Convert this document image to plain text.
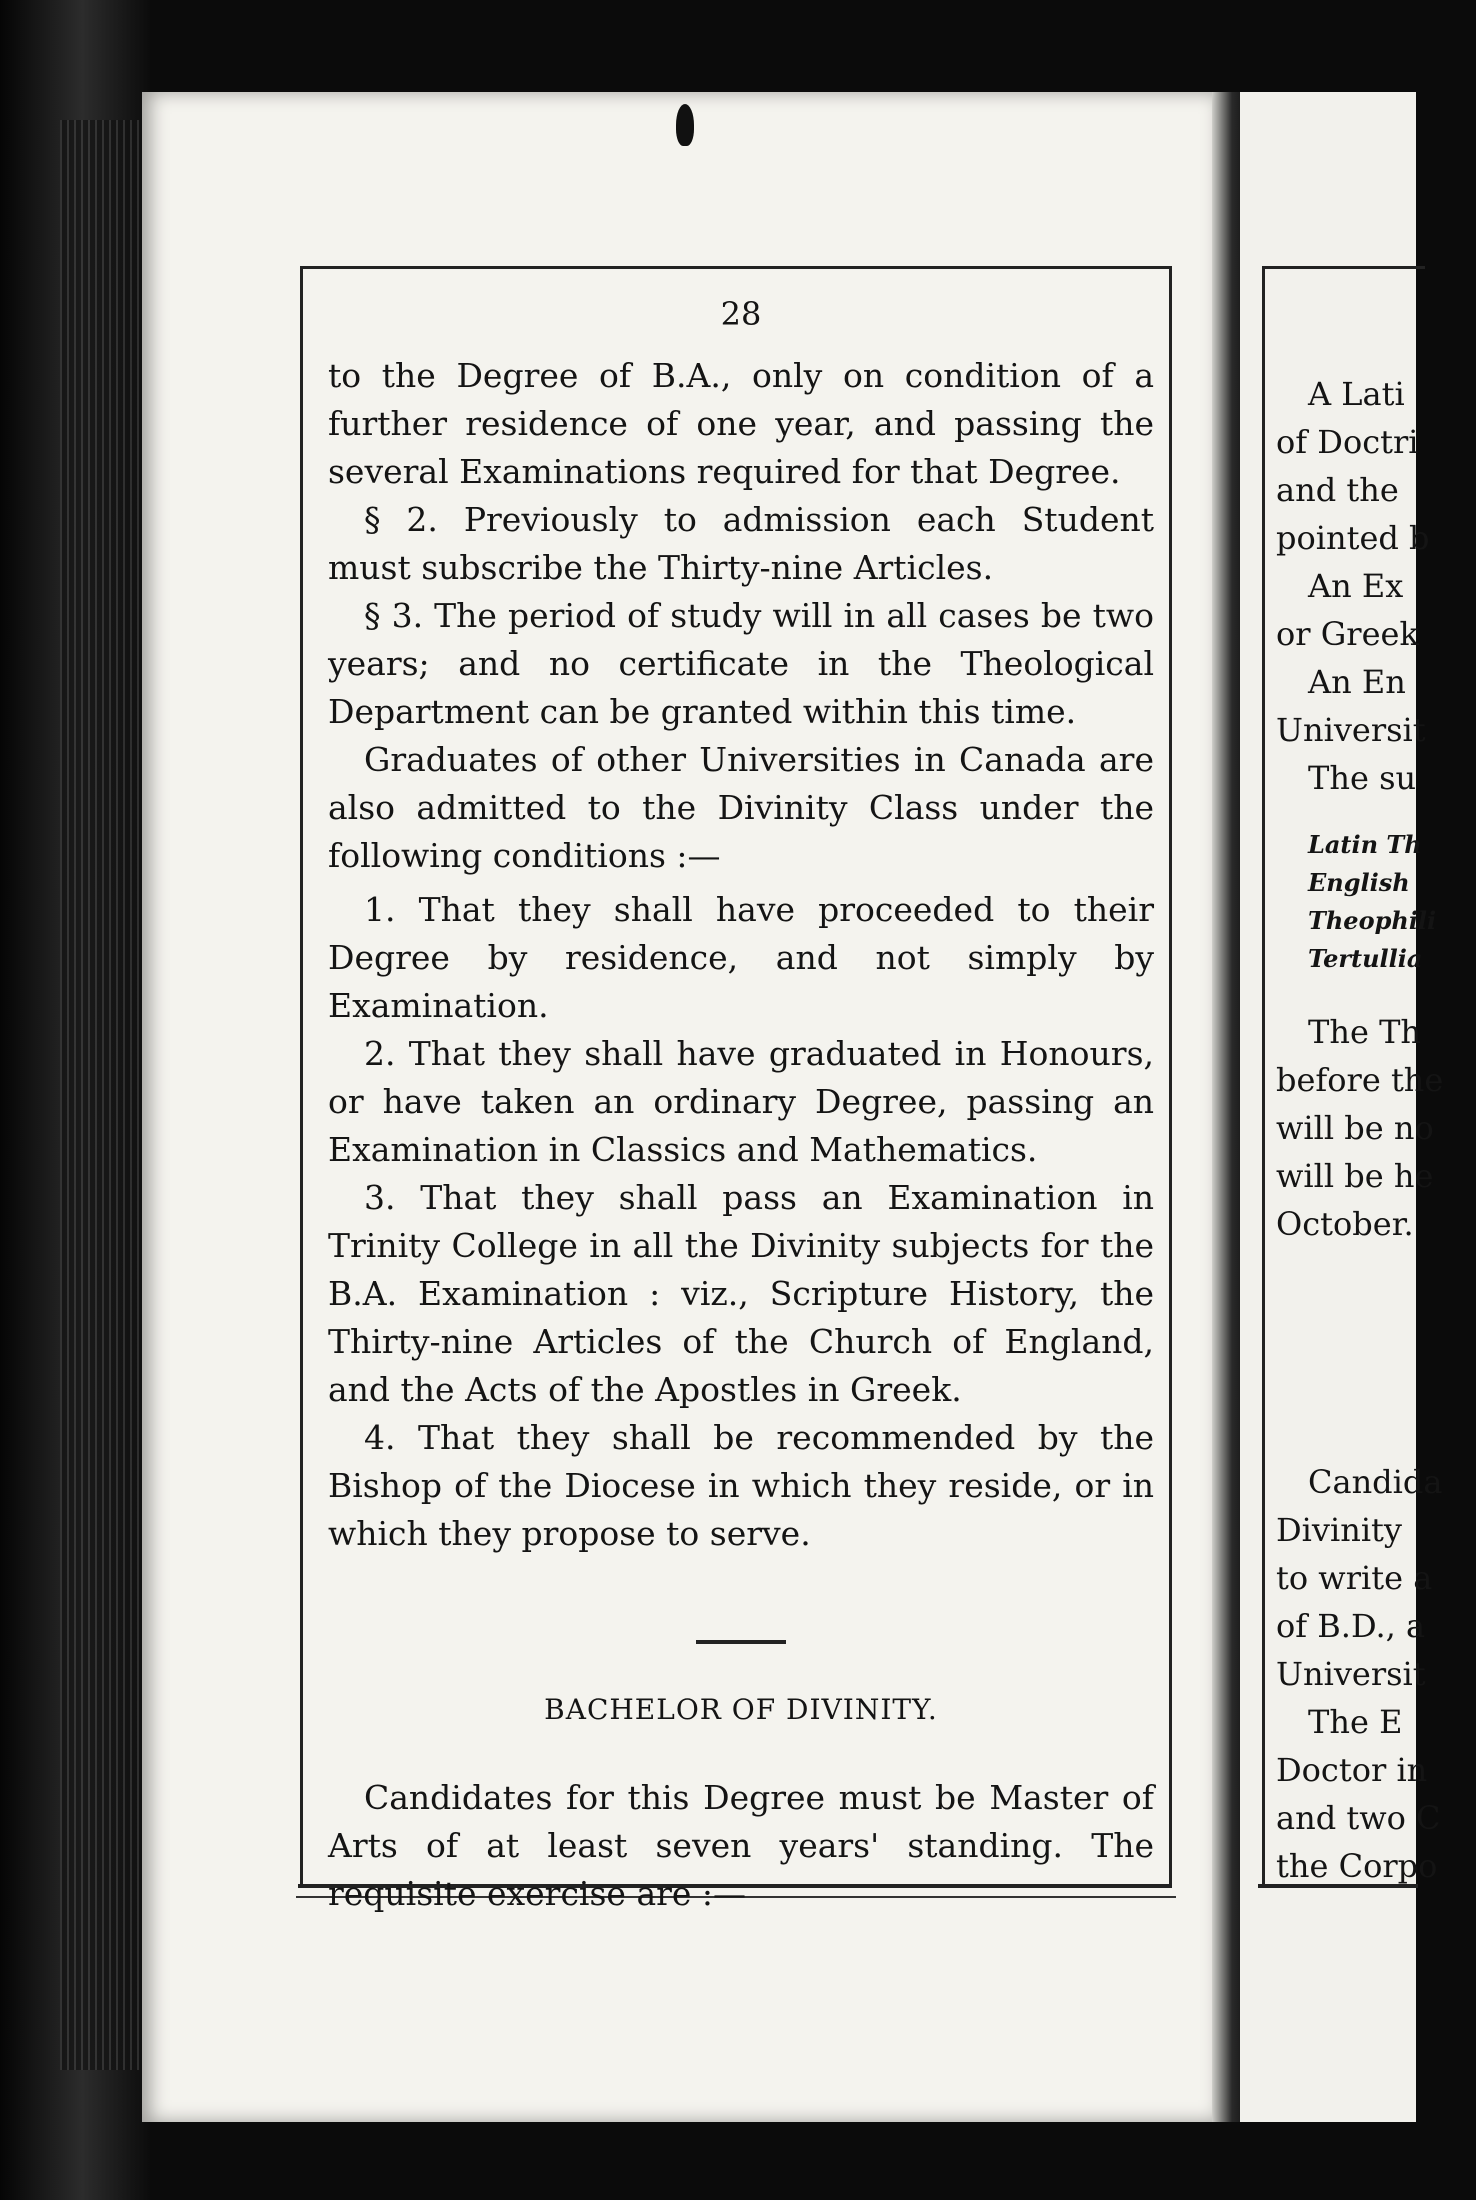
28

to the Degree of B.A., only on condition of a further residence of one year, and passing the several Examinations required for that Degree.

§ 2. Previously to admission each Student must subscribe the Thirty-nine Articles.

§ 3. The period of study will in all cases be two years; and no certificate in the Theological Department can be granted within this time.

Graduates of other Universities in Canada are also admitted to the Divinity Class under the following conditions :—

1. That they shall have proceeded to their Degree by residence, and not simply by Examination.

2. That they shall have graduated in Honours, or have taken an ordinary Degree, passing an Examination in Classics and Mathematics.

3. That they shall pass an Examination in Trinity College in all the Divinity subjects for the B.A. Examination : viz., Scripture History, the Thirty-nine Articles of the Church of England, and the Acts of the Apostles in Greek.

4. That they shall be recommended by the Bishop of the Diocese in which they reside, or in which they propose to serve.

BACHELOR OF DIVINITY.

Candidates for this Degree must be Master of Arts of at least seven years' standing. The requisite exercise are :—

A Lati
of Doctri
and the
pointed b
An Ex
or Greek
An En
Universit
The su
Latin Th
English
Theophili
Tertullia
The Th
before the
will be no
will be he
October.
Candida
Divinity
to write a
of B.D., a
Universit
The E
Doctor in
and two C
the Corpo
